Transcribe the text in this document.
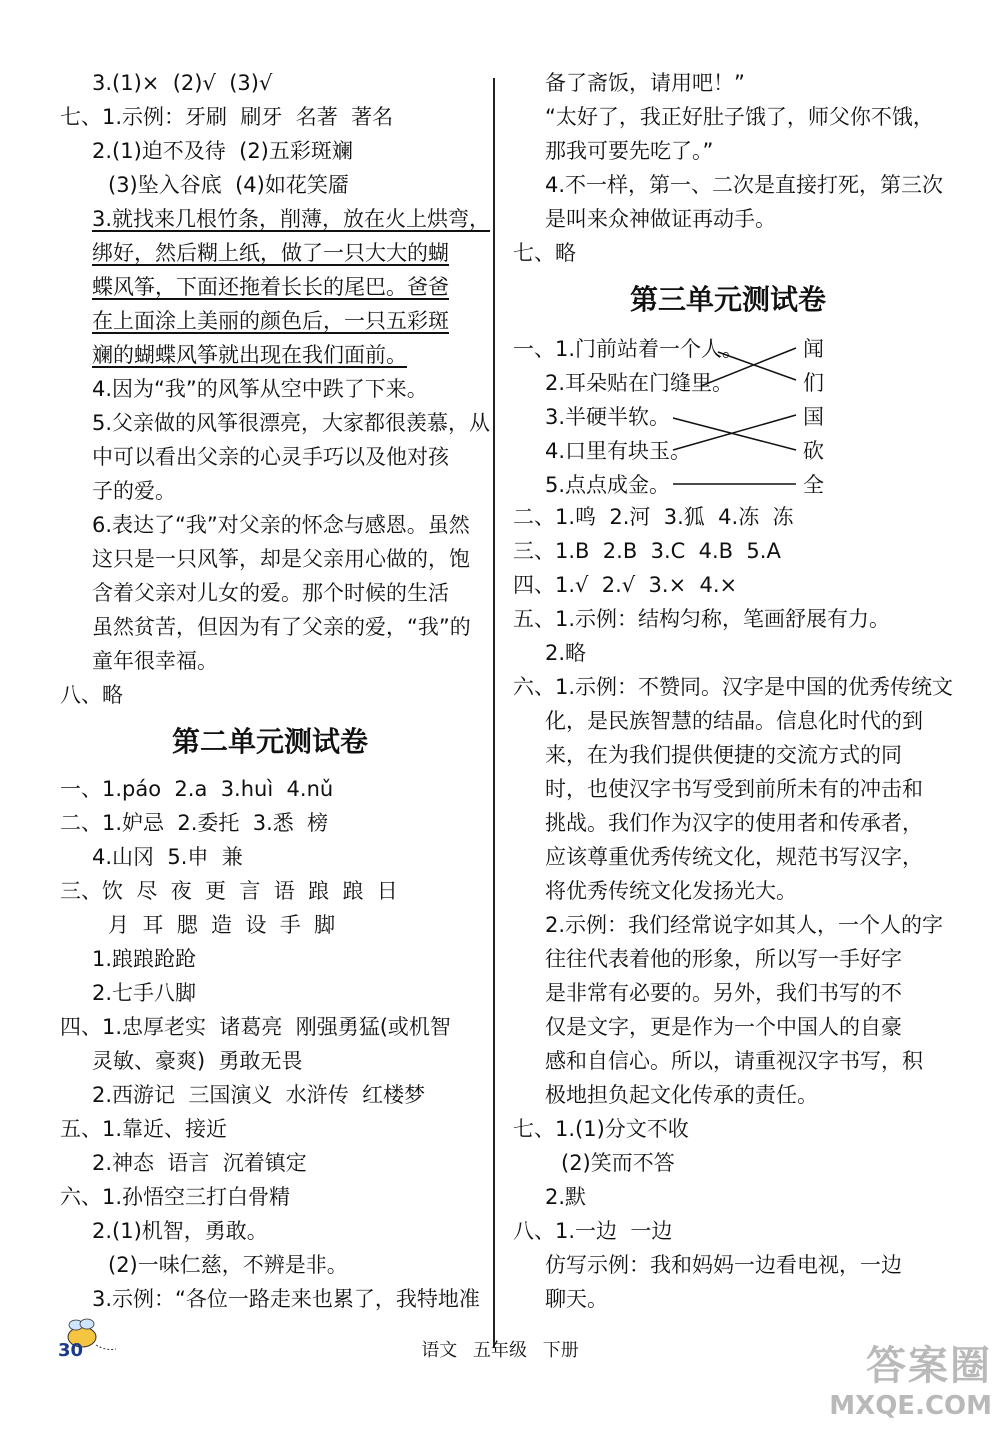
3.(1)×  (2)√  (3)√

七、1.示例：牙刷  刷牙  名著  著名

2.(1)迫不及待  (2)五彩斑斓

(3)坠入谷底  (4)如花笑靥

3.就找来几根竹条，削薄，放在火上烘弯，

绑好，然后糊上纸，做了一只大大的蝴

蝶风筝，下面还拖着长长的尾巴。爸爸

在上面涂上美丽的颜色后，一只五彩斑

斓的蝴蝶风筝就出现在我们面前。

4.因为“我”的风筝从空中跌了下来。

5.父亲做的风筝很漂亮，大家都很羡慕，从

中可以看出父亲的心灵手巧以及他对孩

子的爱。

6.表达了“我”对父亲的怀念与感恩。虽然

这只是一只风筝，却是父亲用心做的，饱

含着父亲对儿女的爱。那个时候的生活

虽然贫苦，但因为有了父亲的爱，“我”的

童年很幸福。

八、略

第二单元测试卷

一、1.páo  2.a  3.huì  4.nǔ

二、1.妒忌  2.委托  3.悉  榜

4.山冈  5.申  兼

三、饮  尽  夜  更  言  语  踉  踉  日

月  耳  腮  造  设  手  脚

1.踉踉跄跄

2.七手八脚

四、1.忠厚老实  诸葛亮  刚强勇猛(或机智

灵敏、豪爽)  勇敢无畏

2.西游记  三国演义  水浒传  红楼梦

五、1.靠近、接近

2.神态  语言  沉着镇定

六、1.孙悟空三打白骨精

2.(1)机智，勇敢。

(2)一味仁慈，不辨是非。

3.示例：“各位一路走来也累了，我特地准

备了斋饭，请用吧！”

“太好了，我正好肚子饿了，师父你不饿，

那我可要先吃了。”

4.不一样，第一、二次是直接打死，第三次

是叫来众神做证再动手。

七、略

第三单元测试卷
一、1.门前站着一个人。
2.耳朵贴在门缝里。
3.半硬半软。
4.口里有块玉。
5.点点成金。
闻
们
国
砍
全

二、1.鸣  2.河  3.狐  4.冻  冻

三、1.B  2.B  3.C  4.B  5.A

四、1.√  2.√  3.×  4.×

五、1.示例：结构匀称，笔画舒展有力。

2.略

六、1.示例：不赞同。汉字是中国的优秀传统文

化，是民族智慧的结晶。信息化时代的到

来，在为我们提供便捷的交流方式的同

时，也使汉字书写受到前所未有的冲击和

挑战。我们作为汉字的使用者和传承者，

应该尊重优秀传统文化，规范书写汉字，

将优秀传统文化发扬光大。

2.示例：我们经常说字如其人，一个人的字

往往代表着他的形象，所以写一手好字

是非常有必要的。另外，我们书写的不

仅是文字，更是作为一个中国人的自豪

感和自信心。所以，请重视汉字书写，积

极地担负起文化传承的责任。

七、1.(1)分文不收

(2)笑而不答

2.默

八、1.一边  一边

仿写示例：我和妈妈一边看电视，一边

聊天。

30	语文 五年级 下册	答案圈
MXQE.COM
